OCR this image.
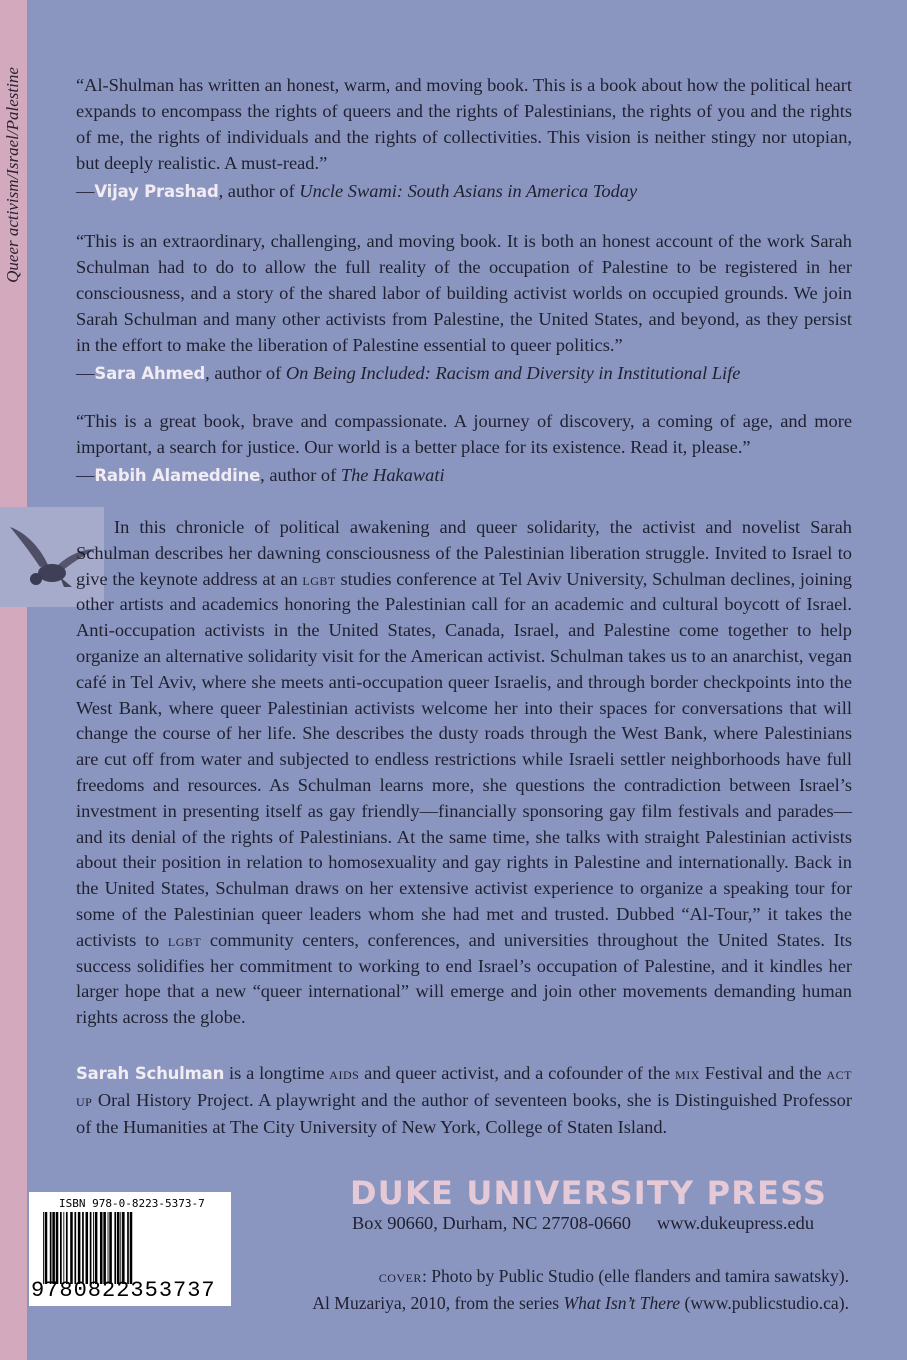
Queer activism/Israel/Palestine	“Al-Shulman has written an honest, warm, and moving book. This is a book about how the political heart expands to encompass the rights of queers and the rights of Palestinians, the rights of you and the rights of me, the rights of individuals and the rights of collectivities. This vision is neither stingy nor utopian, but deeply realistic. A must-read.”

—Vijay Prashad, author of Uncle Swami: South Asians in America Today

“This is an extraordinary, challenging, and moving book. It is both an honest account of the work Sarah Schulman had to do to allow the full reality of the occupation of Palestine to be registered in her consciousness, and a story of the shared labor of building activist worlds on occupied grounds. We join Sarah Schulman and many other activists from Palestine, the United States, and beyond, as they persist in the effort to make the liberation of Palestine essential to queer politics.”

—Sara Ahmed, author of On Being Included: Racism and Diversity in Institutional Life

“This is a great book, brave and compassionate. A journey of discovery, a coming of age, and more important, a search for justice. Our world is a better place for its existence. Read it, please.”

—Rabih Alameddine, author of The Hakawati

In this chronicle of political awakening and queer solidarity, the activist and novelist Sarah Schulman describes her dawning consciousness of the Palestinian liberation struggle. Invited to Israel to give the keynote address at an lgbt studies conference at Tel Aviv University, Schulman declines, joining other artists and academics honoring the Palestinian call for an academic and cultural boycott of Israel. Anti-occupation activists in the United States, Canada, Israel, and Palestine come together to help organize an alternative solidarity visit for the American activist. Schulman takes us to an anarchist, vegan café in Tel Aviv, where she meets anti-occupation queer Israelis, and through border checkpoints into the West Bank, where queer Palestinian activists welcome her into their spaces for conversations that will change the course of her life. She describes the dusty roads through the West Bank, where Palestinians are cut off from water and subjected to endless restrictions while Israeli settler neighborhoods have full freedoms and resources. As Schulman learns more, she questions the contradiction between Israel’s investment in presenting itself as gay friendly—financially sponsoring gay film festivals and parades—and its denial of the rights of Palestinians. At the same time, she talks with straight Palestinian activists about their position in relation to homosexuality and gay rights in Palestine and internationally. Back in the United States, Schulman draws on her extensive activist experience to organize a speaking tour for some of the Palestinian queer leaders whom she had met and trusted. Dubbed “Al-Tour,” it takes the activists to lgbt community centers, conferences, and universities throughout the United States. Its success solidifies her commitment to working to end Israel’s occupation of Palestine, and it kindles her larger hope that a new “queer international” will emerge and join other movements demanding human rights across the globe.

Sarah Schulman is a longtime aids and queer activist, and a cofounder of the mix Festival and the act up Oral History Project. A playwright and the author of seventeen books, she is Distinguished Professor of the Humanities at The City University of New York, College of Staten Island.

ISBN 978-0-8223-5373-7
9780822353737
DUKE UNIVERSITY PRESS
Box 90660, Durham, NC 27708-0660 www.dukeupress.edu
cover: Photo by Public Studio (elle flanders and tamira sawatsky).
Al Muzariya, 2010, from the series What Isn’t There (www.publicstudio.ca).
